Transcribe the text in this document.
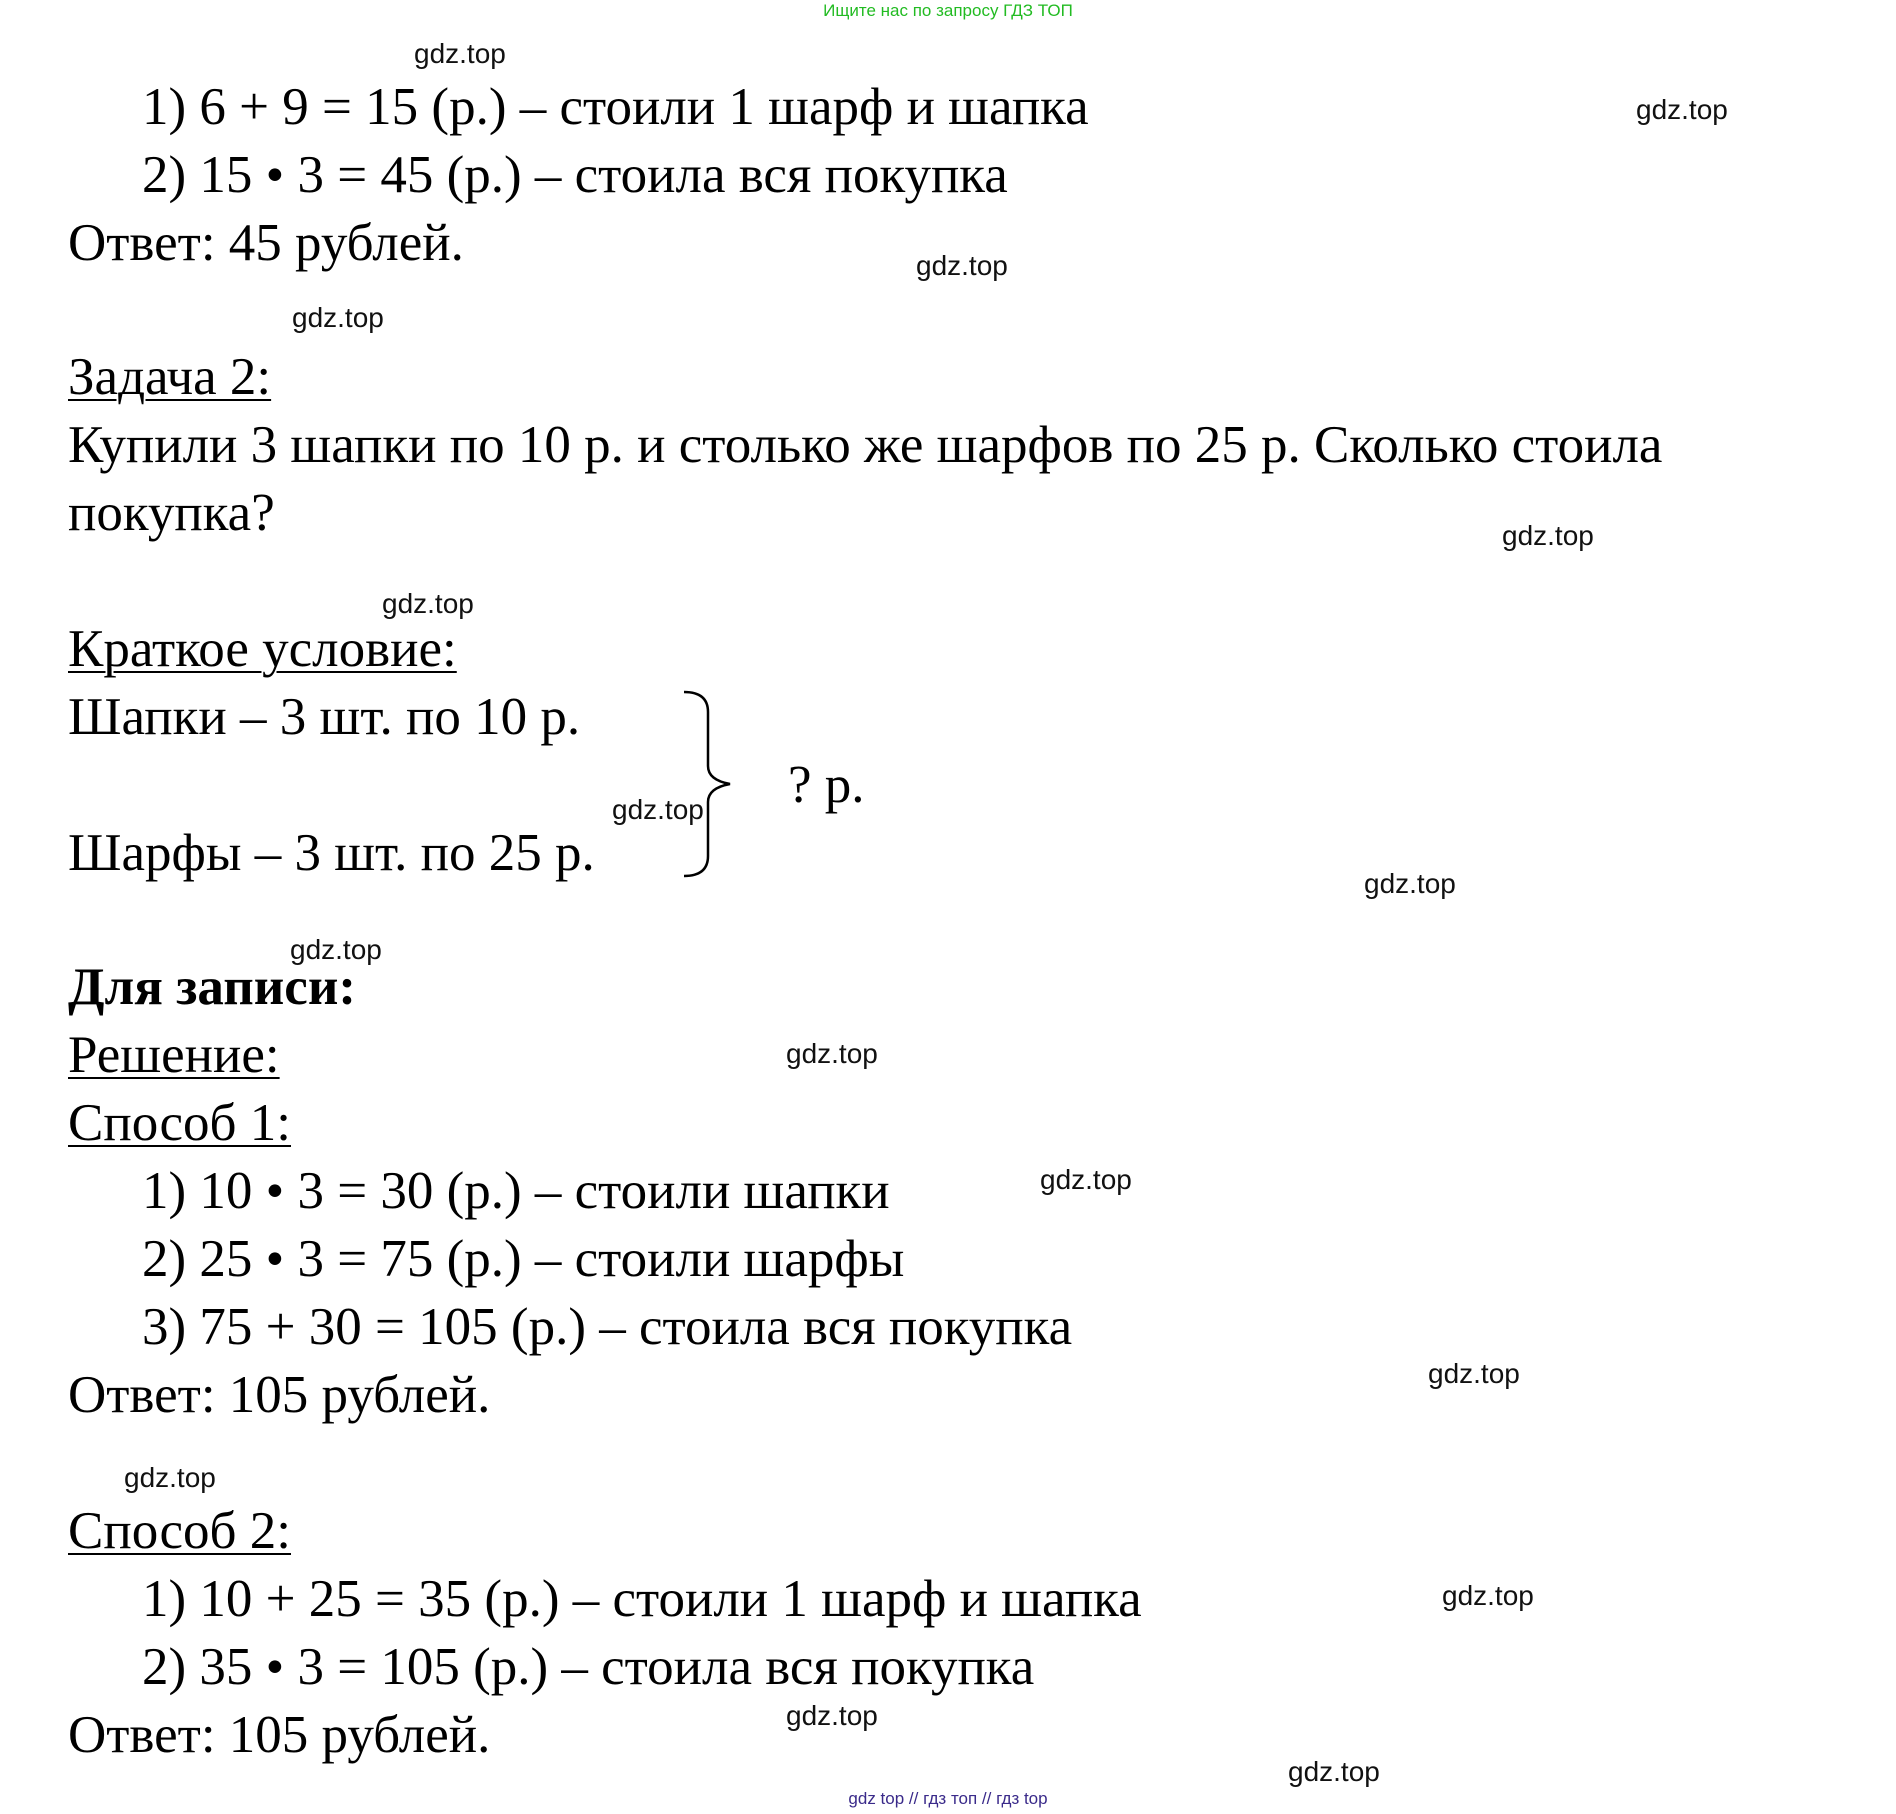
Ищите нас по запросу ГДЗ ТОП
1) 6 + 9 = 15 (р.) – стоили 1 шарф и шапка
2) 15 • 3 = 45 (р.) – стоила вся покупка
Ответ: 45 рублей.
Задача 2:
Купили 3 шапки по 10 р. и столько же шарфов по 25 р. Сколько стоила
покупка?
Краткое условие:
Шапки – 3 шт. по 10 р.
Шарфы – 3 шт. по 25 р.
? р.
Для записи:
Решение:
Способ 1:
1) 10 • 3 = 30 (р.) – стоили шапки
2) 25 • 3 = 75 (р.) – стоили шарфы
3) 75 + 30 = 105 (р.) – стоила вся покупка
Ответ: 105 рублей.
Способ 2:
1) 10 + 25 = 35 (р.) – стоили 1 шарф и шапка
2) 35 • 3 = 105 (р.) – стоила вся покупка
Ответ: 105 рублей.
gdz.top
gdz.top
gdz.top
gdz.top
gdz.top
gdz.top
gdz.top
gdz.top
gdz.top
gdz.top
gdz.top
gdz.top
gdz.top
gdz.top
gdz.top
gdz.top
gdz top // гдз топ // гдз top
